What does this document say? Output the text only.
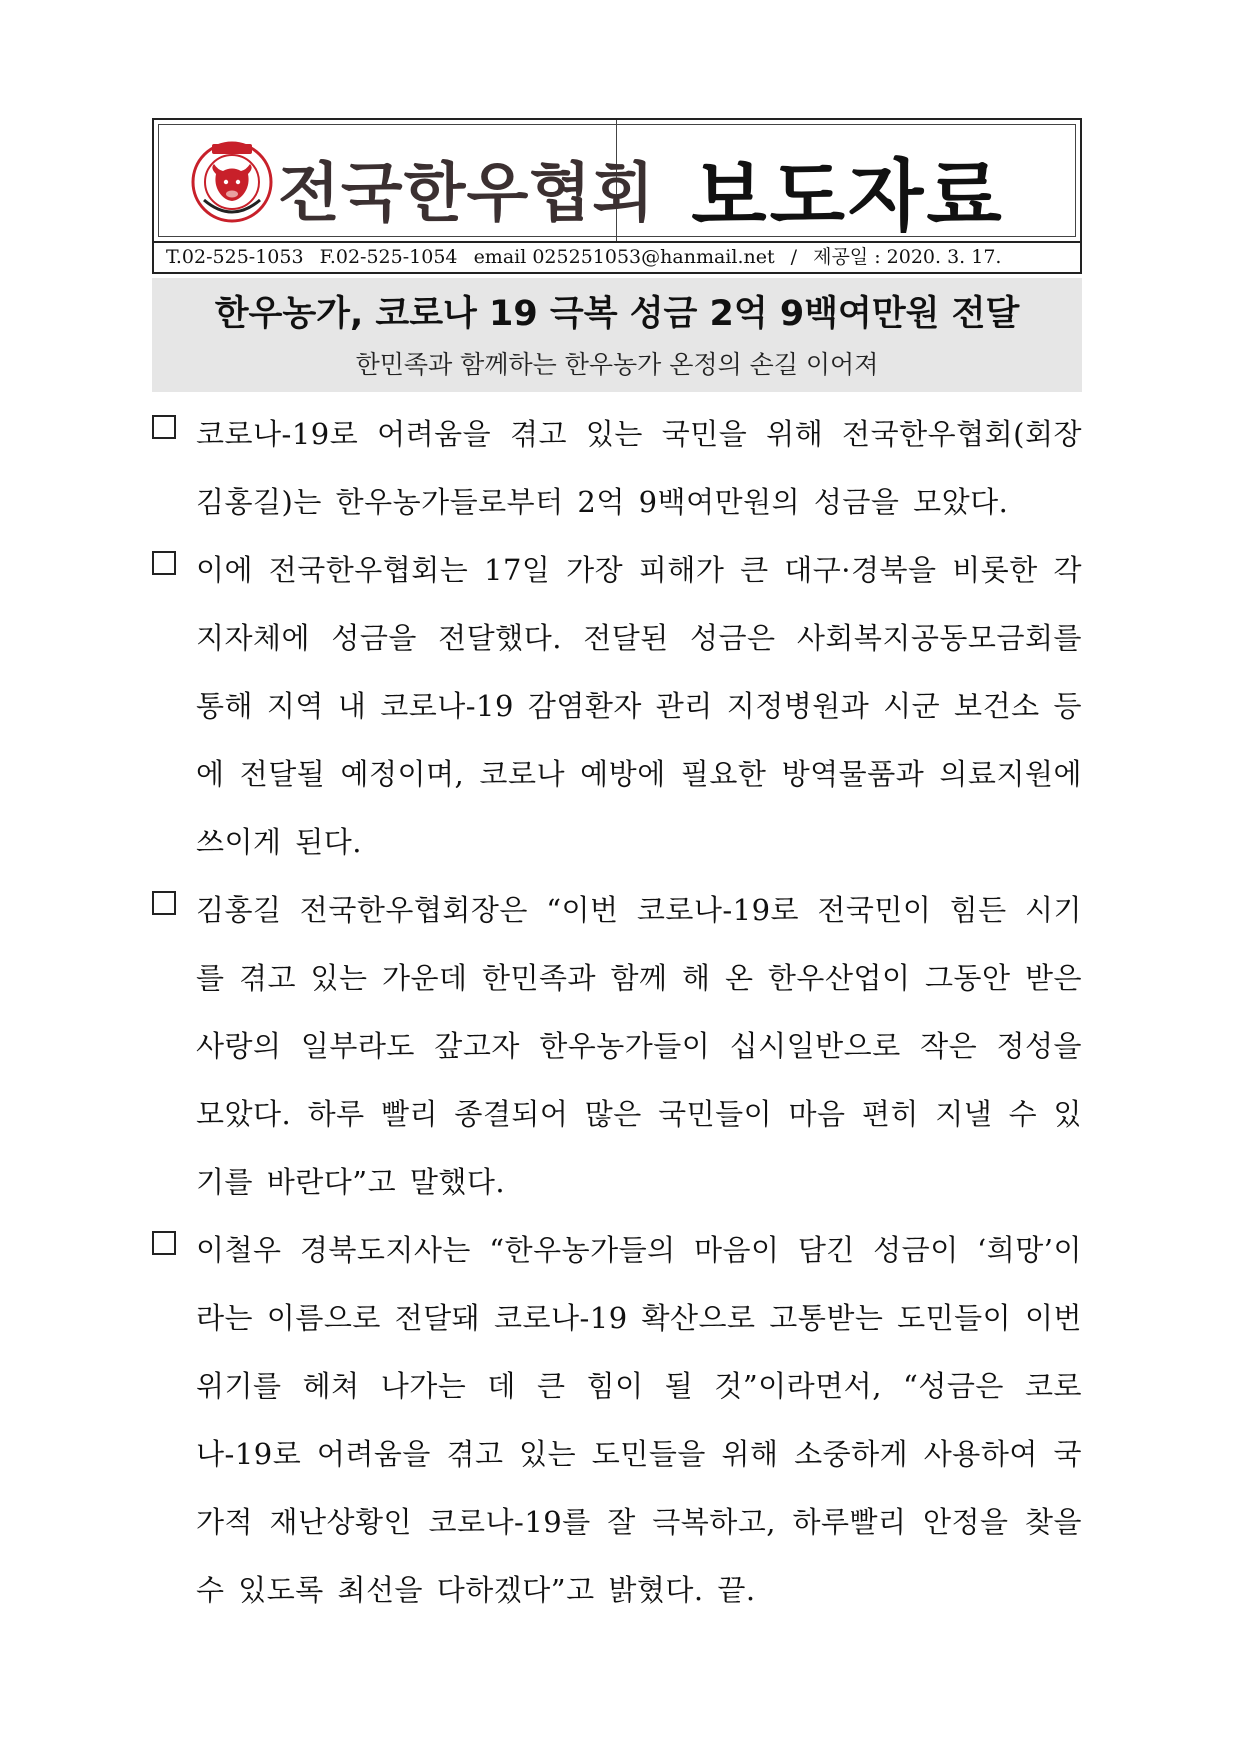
전국한우협회 보도자료
T.02-525-1053 F.02-525-1054 email 025251053@hanmail.net / 제공일 : 2020. 3. 17.
한우농가, 코로나 19 극복 성금 2억 9백여만원 전달
한민족과 함께하는 한우농가 온정의 손길 이어져
코로나-19로 어려움을 겪고 있는 국민을 위해 전국한우협회(회장 김홍길)는 한우농가들로부터 2억 9백여만원의 성금을 모았다.
이에 전국한우협회는 17일 가장 피해가 큰 대구·경북을 비롯한 각 지자체에 성금을 전달했다. 전달된 성금은 사회복지공동모금회를 통해 지역 내 코로나-19 감염환자 관리 지정병원과 시군 보건소 등에 전달될 예정이며, 코로나 예방에 필요한 방역물품과 의료지원에 쓰이게 된다.
김홍길 전국한우협회장은 “이번 코로나-19로 전국민이 힘든 시기를 겪고 있는 가운데 한민족과 함께 해 온 한우산업이 그동안 받은 사랑의 일부라도 갚고자 한우농가들이 십시일반으로 작은 정성을 모았다. 하루 빨리 종결되어 많은 국민들이 마음 편히 지낼 수 있기를 바란다”고 말했다.
이철우 경북도지사는 “한우농가들의 마음이 담긴 성금이 ‘희망’이라는 이름으로 전달돼 코로나-19 확산으로 고통받는 도민들이 이번 위기를 헤쳐 나가는 데 큰 힘이 될 것”이라면서, “성금은 코로나-19로 어려움을 겪고 있는 도민들을 위해 소중하게 사용하여 국가적 재난상황인 코로나-19를 잘 극복하고, 하루빨리 안정을 찾을 수 있도록 최선을 다하겠다”고 밝혔다. 끝.
